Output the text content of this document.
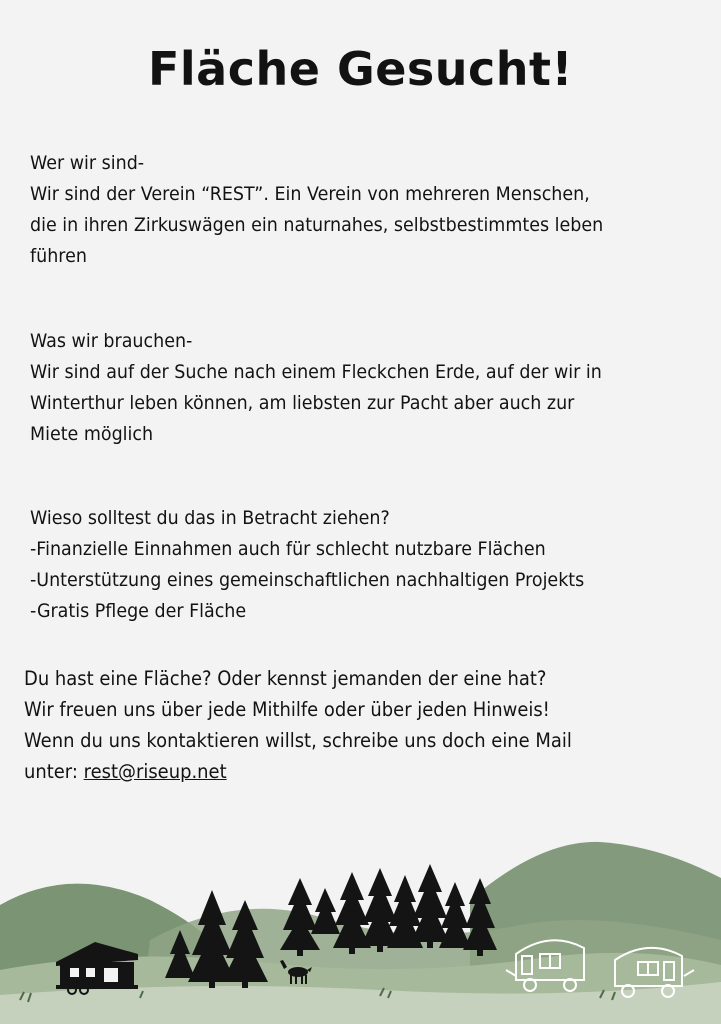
Fläche Gesucht!

Wer wir sind-

Wir sind der Verein “REST”. Ein Verein von mehreren Menschen,

die in ihren Zirkuswägen ein naturnahes, selbstbestimmtes leben

führen

Was wir brauchen-

Wir sind auf der Suche nach einem Fleckchen Erde, auf der wir in

Winterthur leben können, am liebsten zur Pacht aber auch zur

Miete möglich

Wieso solltest du das in Betracht ziehen?

-Finanzielle Einnahmen auch für schlecht nutzbare Flächen

-Unterstützung eines gemeinschaftlichen nachhaltigen Projekts

-Gratis Pflege der Fläche

Du hast eine Fläche? Oder kennst jemanden der eine hat?

Wir freuen uns über jede Mithilfe oder über jeden Hinweis!

Wenn du uns kontaktieren willst, schreibe uns doch eine Mail

unter: rest@riseup.net
